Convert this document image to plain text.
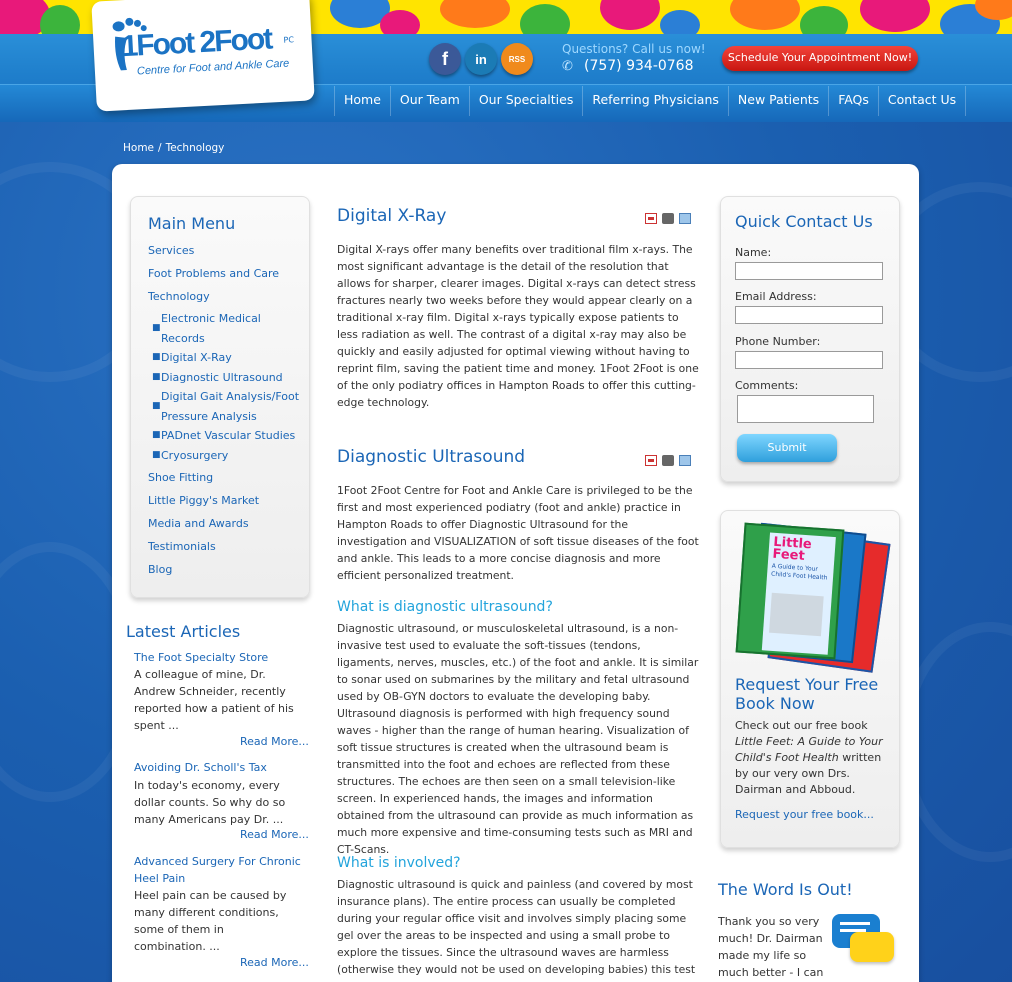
1Foot 2Foot PC
Centre for Foot and Ankle Care	f in	RSS
Questions? Call us now!
✆ (757) 934-0768
Schedule Your Appointment Now!
Home	Our Team	Our Specialties	Referring Physicians	New Patients	FAQs	Contact Us
Home / Technology
Main Menu
Services
Foot Problems and Care
Technology
■
Electronic Medical Records
■ Digital X-Ray
■ Diagnostic Ultrasound
■
Digital Gait Analysis/Foot Pressure Analysis
■ PADnet Vascular Studies
■ Cryosurgery
Shoe Fitting
Little Piggy's Market
Media and Awards
Testimonials
Blog
Latest Articles
The Foot Specialty Store
A colleague of mine, Dr. Andrew Schneider, recently reported how a patient of his spent ...
Read More...
Avoiding Dr. Scholl's Tax
In today's economy, every dollar counts. So why do so many Americans pay Dr. ...
Read More...
Advanced Surgery For Chronic Heel Pain
Heel pain can be caused by many different conditions, some of them in combination. ...
Read More...
Digital X-Ray
Digital X-rays offer many benefits over traditional film x-rays. The most significant advantage is the detail of the resolution that allows for sharper, clearer images. Digital x-rays can detect stress fractures nearly two weeks before they would appear clearly on a traditional x-ray film. Digital x-rays typically expose patients to less radiation as well. The contrast of a digital x-ray may also be quickly and easily adjusted for optimal viewing without having to reprint film, saving the patient time and money. 1Foot 2Foot is one of the only podiatry offices in Hampton Roads to offer this cutting-edge technology.
Diagnostic Ultrasound
1Foot 2Foot Centre for Foot and Ankle Care is privileged to be the first and most experienced podiatry (foot and ankle) practice in Hampton Roads to offer Diagnostic Ultrasound for the investigation and VISUALIZATION of soft tissue diseases of the foot and ankle. This leads to a more concise diagnosis and more efficient personalized treatment.
What is diagnostic ultrasound?
Diagnostic ultrasound, or musculoskeletal ultrasound, is a non-invasive test used to evaluate the soft-tissues (tendons, ligaments, nerves, muscles, etc.) of the foot and ankle. It is similar to sonar used on submarines by the military and fetal ultrasound used by OB-GYN doctors to evaluate the developing baby. Ultrasound diagnosis is performed with high frequency sound waves - higher than the range of human hearing. Visualization of soft tissue structures is created when the ultrasound beam is transmitted into the foot and echoes are reflected from these structures. The echoes are then seen on a small television-like screen. In experienced hands, the images and information obtained from the ultrasound can provide as much information as much more expensive and time-consuming tests such as MRI and CT-Scans.
What is involved?
Diagnostic ultrasound is quick and painless (and covered by most insurance plans). The entire process can usually be completed during your regular office visit and involves simply placing some gel over the areas to be inspected and using a small probe to explore the tissues. Since the ultrasound waves are harmless (otherwise they would not be used on developing babies) this test
Quick Contact Us
Name:
Email Address:
Phone Number:
Comments:
Submit
Little Feet
A Guide to Your Child's Foot Health
Request Your Free Book Now
Check out our free book Little Feet: A Guide to Your Child's Foot Health written by our very own Drs. Dairman and Abboud.
Request your free book...
The Word Is Out!
Thank you so very much! Dr. Dairman made my life so much better - I can
